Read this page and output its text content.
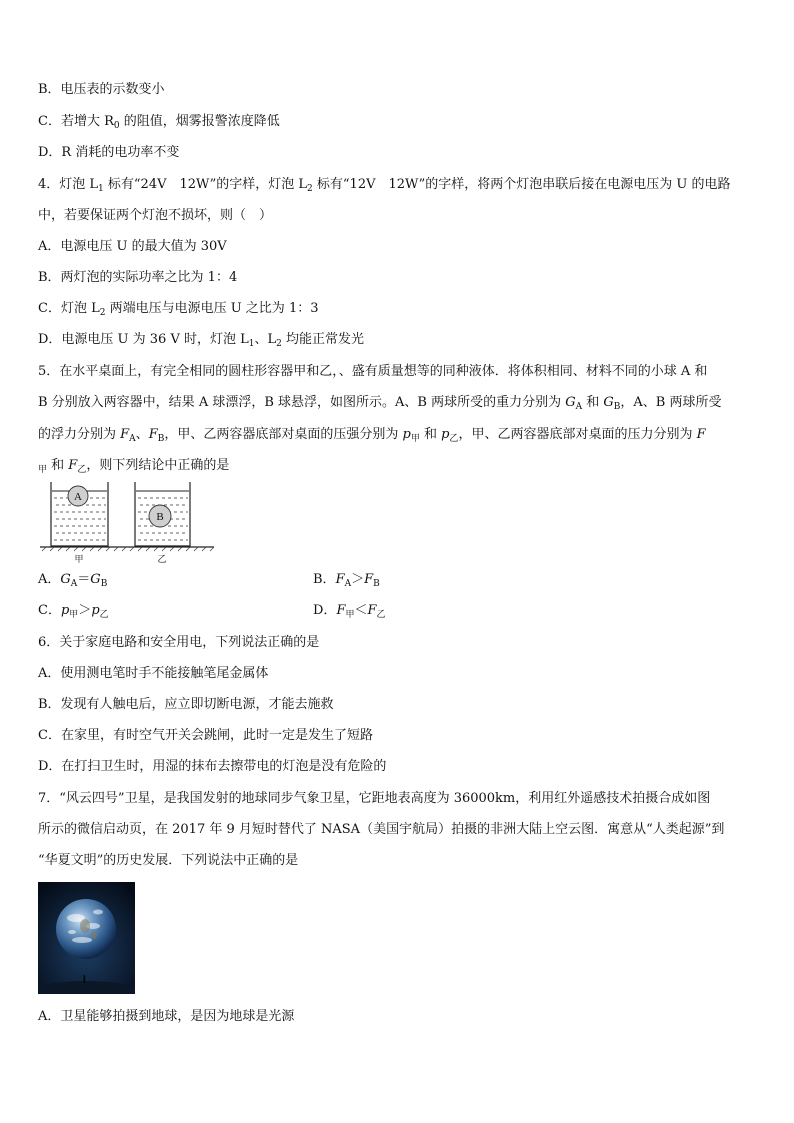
B．电压表的示数变小
C．若增大 $R_0$ 的阻值，烟雾报警浓度降低
D．R 消耗的电功率不变
4．灯泡 $L_1$ 标有“24V　12W”的字样，灯泡 $L_2$ 标有“12V　12W”的字样，将两个灯泡串联后接在电源电压为 U 的电路
中，若要保证两个灯泡不损坏，则（　）
A．电源电压 U 的最大值为 30V
B．两灯泡的实际功率之比为 1：4
C．灯泡 $L_2$ 两端电压与电源电压 U 之比为 1：3
D．电源电压 U 为 36 V 时，灯泡 $L_1$、$L_2$ 均能正常发光
5．在水平桌面上，有完全相同的圆柱形容器甲和乙，、盛有质量想等的同种液体．将体积相同、材料不同的小球 A 和
B 分别放入两容器中，结果 A 球漂浮，B 球悬浮，如图所示。A、B 两球所受的重力分别为 $G_A$ 和 $G_B$，A、B 两球所受
的浮力分别为 $F_A$、$F_B$，甲、乙两容器底部对桌面的压强分别为 $p_甲$ 和 $p_乙$，甲、乙两容器底部对桌面的压力分别为 F
$_甲$ 和 $F_乙$，则下列结论中正确的是
A
B
甲	乙
A．$G_A=G_B$	B．$F_A>F_B$
C．$p_甲>p_乙$	D．$F_甲<F_乙$
6．关于家庭电路和安全用电，下列说法正确的是
A．使用测电笔时手不能接触笔尾金属体
B．发现有人触电后，应立即切断电源，才能去施救
C．在家里，有时空气开关会跳闸，此时一定是发生了短路
D．在打扫卫生时，用湿的抹布去擦带电的灯泡是没有危险的
7．“风云四号”卫星，是我国发射的地球同步气象卫星，它距地表高度为 36000km，利用红外遥感技术拍摄合成如图
所示的微信启动页，在 2017 年 9 月短时替代了 NASA（美国宇航局）拍摄的非洲大陆上空云图．寓意从“人类起源”到
“华夏文明”的历史发展．下列说法中正确的是
A．卫星能够拍摄到地球，是因为地球是光源
